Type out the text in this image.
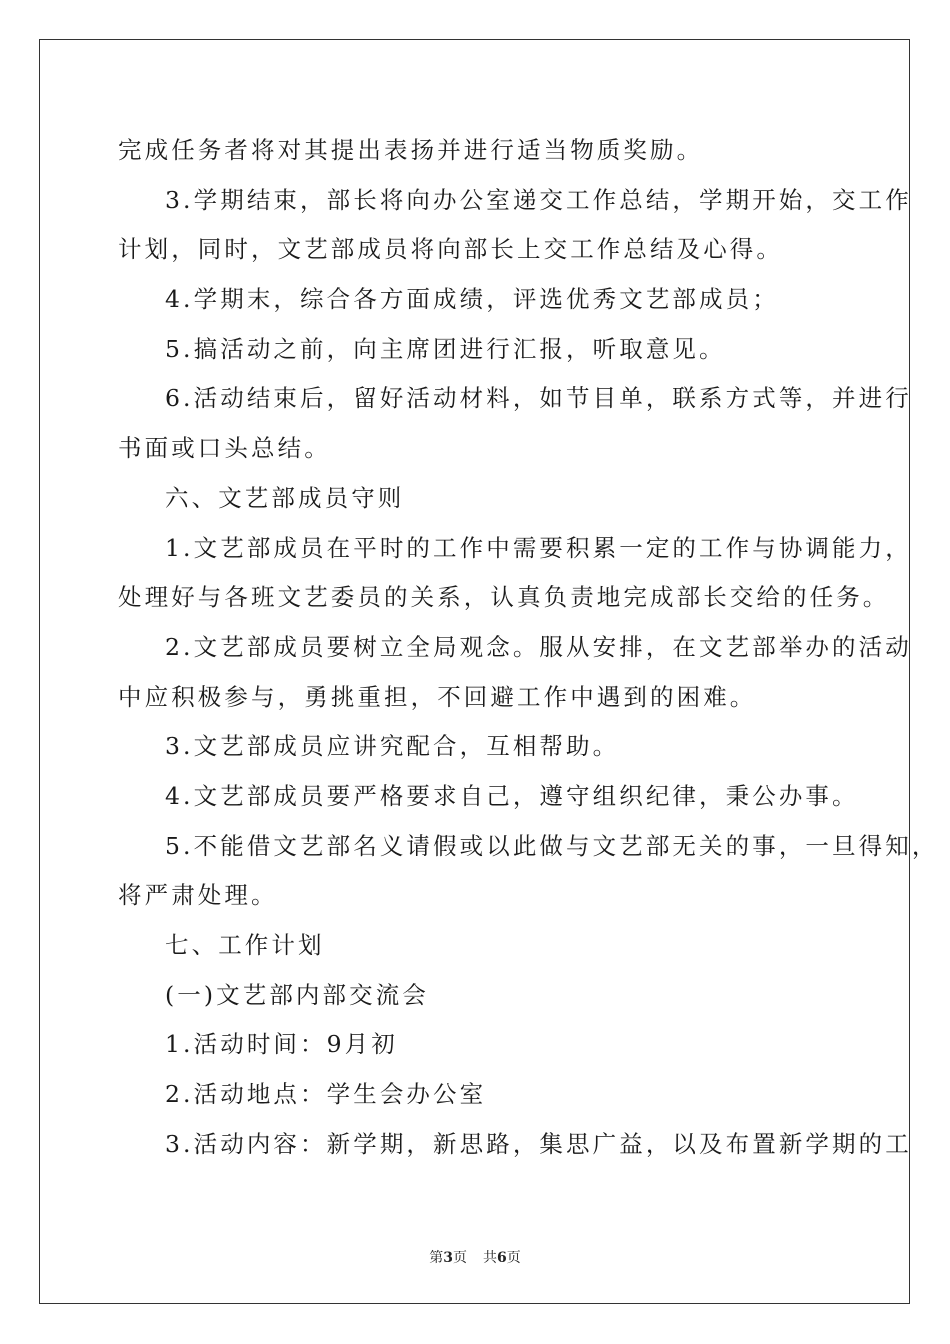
完成任务者将对其提出表扬并进行适当物质奖励。
3.学期结束，部长将向办公室递交工作总结，学期开始，交工作
计划，同时，文艺部成员将向部长上交工作总结及心得。
4.学期末，综合各方面成绩，评选优秀文艺部成员；
5.搞活动之前，向主席团进行汇报，听取意见。
6.活动结束后，留好活动材料，如节目单，联系方式等，并进行
书面或口头总结。
六、文艺部成员守则
1.文艺部成员在平时的工作中需要积累一定的工作与协调能力，
处理好与各班文艺委员的关系，认真负责地完成部长交给的任务。
2.文艺部成员要树立全局观念。服从安排，在文艺部举办的活动
中应积极参与，勇挑重担，不回避工作中遇到的困难。
3.文艺部成员应讲究配合，互相帮助。
4.文艺部成员要严格要求自己，遵守组织纪律，秉公办事。
5.不能借文艺部名义请假或以此做与文艺部无关的事，一旦得知，
将严肃处理。
七、工作计划
(一)文艺部内部交流会
1.活动时间：9月初
2.活动地点：学生会办公室
3.活动内容：新学期，新思路，集思广益，以及布置新学期的工
第3页 共6页
